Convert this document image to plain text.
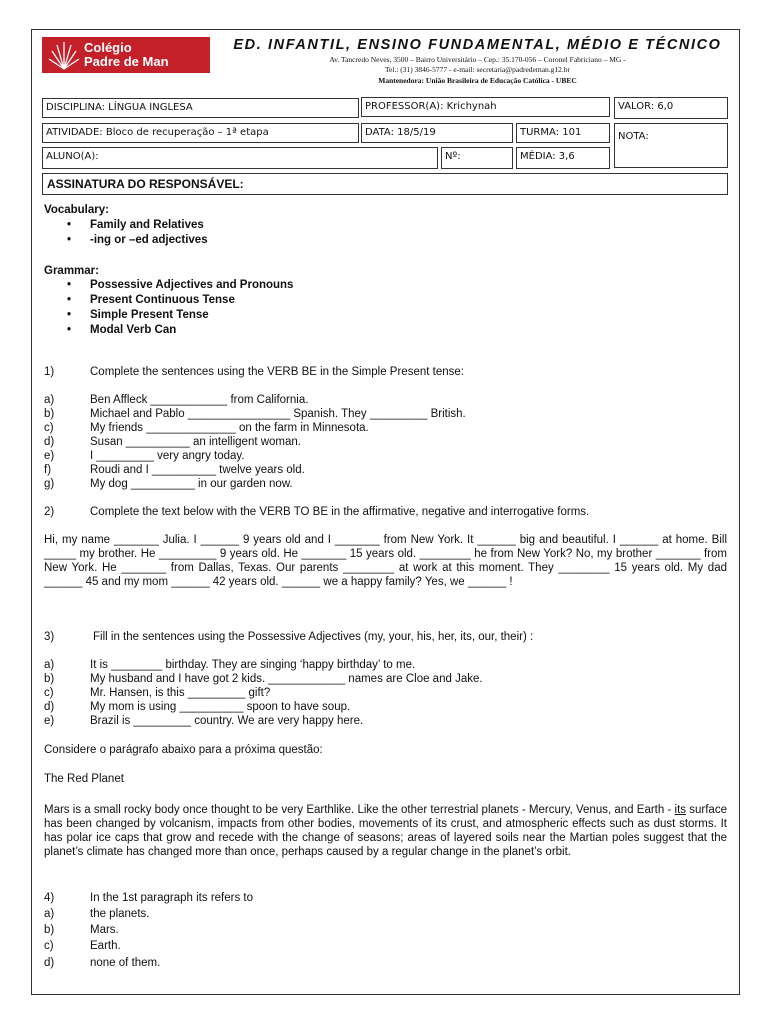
Colégio
Padre de Man
ED. INFANTIL, ENSINO FUNDAMENTAL, MÉDIO E TÉCNICO
Av. Tancredo Neves, 3500 – Bairro Universitário – Cep.: 35.170-056 – Coronel Fabriciano – MG -
Tel.: (31) 3846-5777 - e-mail: secretaria@padredeman.g12.br
Mantenedora: União Brasileira de Educação Católica - UBEC
DISCIPLINA: LÍNGUA INGLESA	PROFESSOR(A): Krichynah	VALOR: 6,0
ATIVIDADE: Bloco de recuperação – 1ª etapa	DATA: 18/5/19	TURMA: 101	NOTA:
ALUNO(A):	Nº:	MÉDIA: 3,6
ASSINATURA DO RESPONSÁVEL:
Vocabulary:
• Family and Relatives
• -ing or –ed adjectives
Grammar:
• Possessive Adjectives and Pronouns
• Present Continuous Tense
• Simple Present Tense
• Modal Verb Can
1)	Complete the sentences using the VERB BE in the Simple Present tense:
a)	Ben Affleck ____________ from California.
b)	Michael and Pablo ________________ Spanish. They _________ British.
c)	My friends ______________ on the farm in Minnesota.
d)	Susan __________ an intelligent woman.
e)	I _________ very angry today.
f)	Roudi and I __________ twelve years old.
g)	My dog __________ in our garden now.
2)	Complete the text below with the VERB TO BE in the affirmative, negative and interrogative forms.
Hi, my name _______ Julia. I ______ 9 years old and I _______ from New York. It ______ big and beautiful. I ______ at home. Bill _____ my brother. He _________ 9 years old. He _______ 15 years old. ________ he from New York? No, my brother _______ from New York. He _______ from Dallas, Texas. Our parents ________ at work at this moment. They ________ 15 years old. My dad ______ 45 and my mom ______ 42 years old. ______ we a happy family? Yes, we ______ !
3)	Fill in the sentences using the Possessive Adjectives (my, your, his, her, its, our, their) :
a)	It is ________ birthday. They are singing ‘happy birthday’ to me.
b)	My husband and I have got 2 kids. ____________ names are Cloe and Jake.
c)	Mr. Hansen, is this _________ gift?
d)	My mom is using __________ spoon to have soup.
e)	Brazil is _________ country. We are very happy here.
Considere o parágrafo abaixo para a próxima questão:
The Red Planet
Mars is a small rocky body once thought to be very Earthlike. Like the other terrestrial planets - Mercury, Venus, and Earth - its surface has been changed by volcanism, impacts from other bodies, movements of its crust, and atmospheric effects such as dust storms. It has polar ice caps that grow and recede with the change of seasons; areas of layered soils near the Martian poles suggest that the planet’s climate has changed more than once, perhaps caused by a regular change in the planet’s orbit.
4)	In the 1st paragraph its refers to
a)	the planets.
b)	Mars.
c)	Earth.
d)	none of them.
